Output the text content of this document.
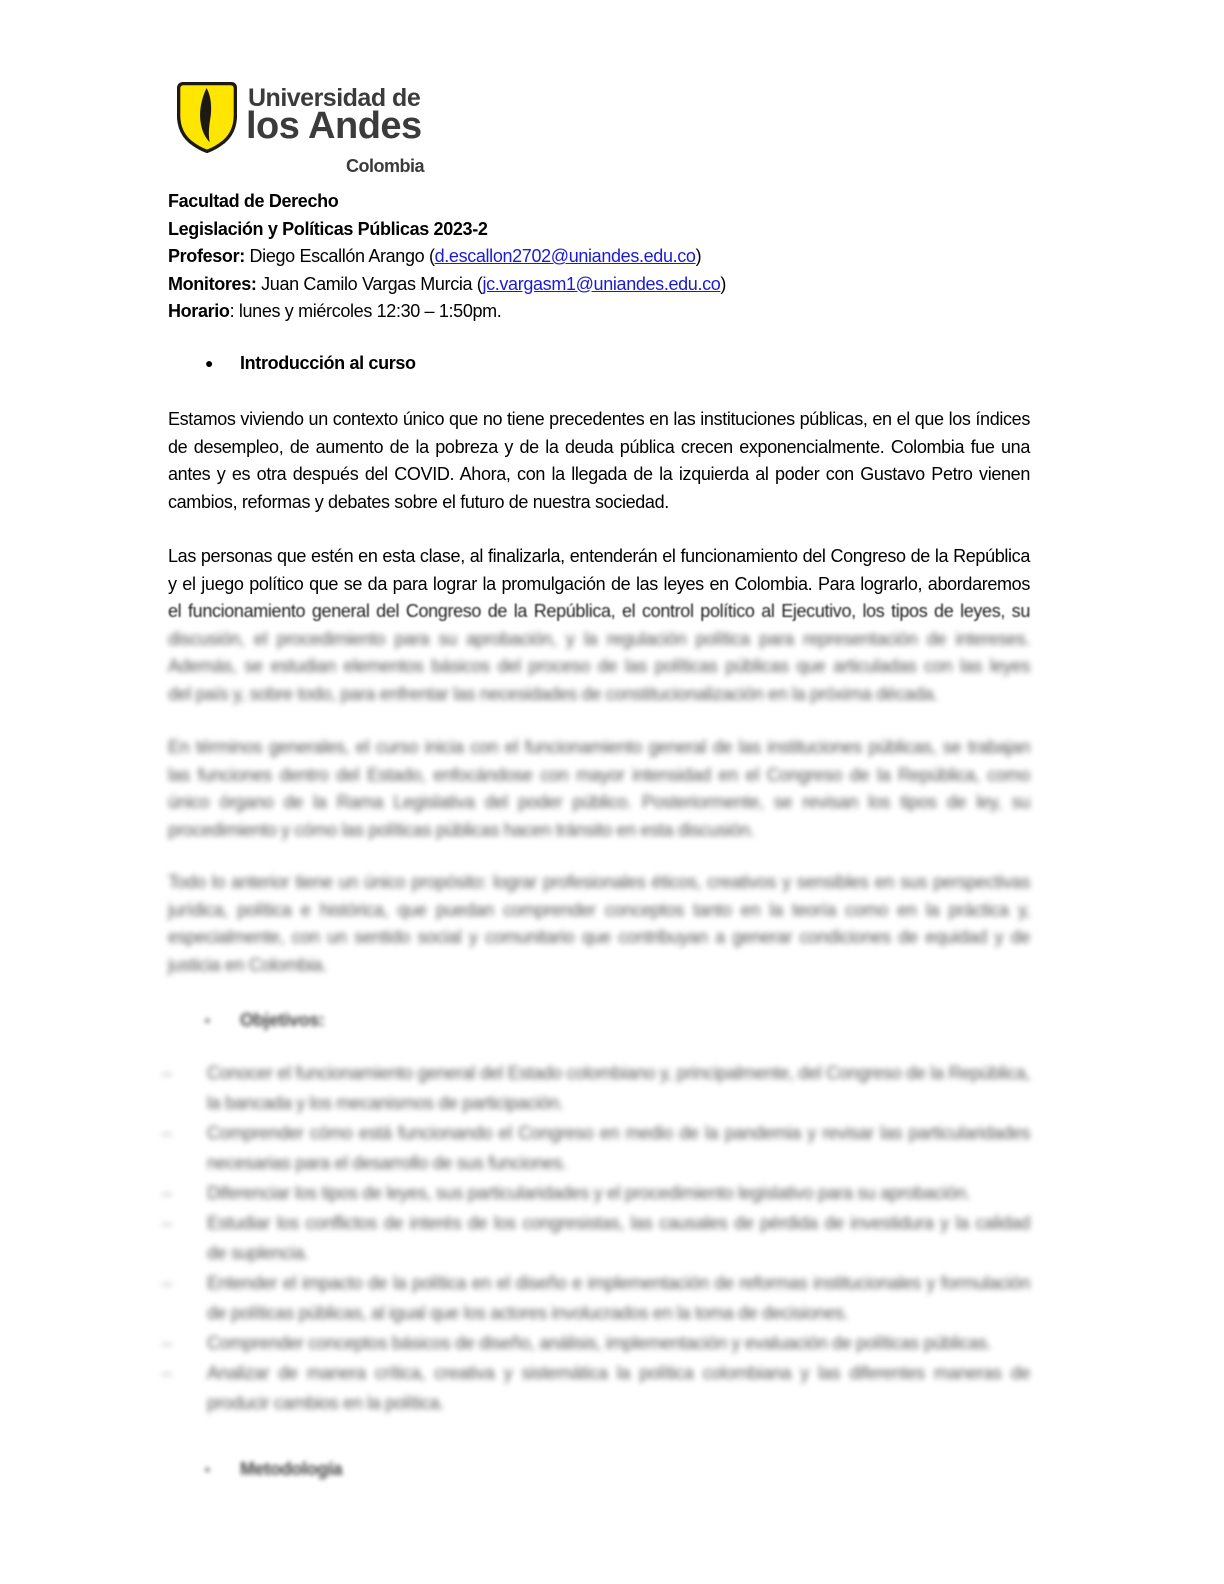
Universidad de
los Andes
Colombia
Facultad de Derecho
Legislación y Políticas Públicas 2023-2
Profesor: Diego Escallón Arango (d.escallon2702@uniandes.edu.co)
Monitores: Juan Camilo Vargas Murcia (jc.vargasm1@uniandes.edu.co)
Horario: lunes y miércoles 12:30 – 1:50pm.
● Introducción al curso
Estamos viviendo un contexto único que no tiene precedentes en las instituciones públicas, en el que los índices
de desempleo, de aumento de la pobreza y de la deuda pública crecen exponencialmente. Colombia fue una
antes y es otra después del COVID. Ahora, con la llegada de la izquierda al poder con Gustavo Petro vienen
cambios, reformas y debates sobre el futuro de nuestra sociedad.
Las personas que estén en esta clase, al finalizarla, entenderán el funcionamiento del Congreso de la República
y el juego político que se da para lograr la promulgación de las leyes en Colombia. Para lograrlo, abordaremos
el funcionamiento general del Congreso de la República, el control político al Ejecutivo, los tipos de leyes, su
discusión, el procedimiento para su aprobación, y la regulación política para representación de intereses.
Además, se estudian elementos básicos del proceso de las políticas públicas que articuladas con las leyes
del país y, sobre todo, para enfrentar las necesidades de constitucionalización en la próxima década.
En términos generales, el curso inicia con el funcionamiento general de las instituciones públicas, se trabajan
las funciones dentro del Estado, enfocándose con mayor intensidad en el Congreso de la República, como
único órgano de la Rama Legislativa del poder público. Posteriormente, se revisan los tipos de ley, su
procedimiento y cómo las políticas públicas hacen tránsito en esta discusión.
Todo lo anterior tiene un único propósito: lograr profesionales éticos, creativos y sensibles en sus perspectivas
jurídica, política e histórica, que puedan comprender conceptos tanto en la teoría como en la práctica y,
especialmente, con un sentido social y comunitario que contribuyan a generar condiciones de equidad y de
justicia en Colombia.
▪ Objetivos:
– Conocer el funcionamiento general del Estado colombiano y, principalmente, del Congreso de la República,
la bancada y los mecanismos de participación.
– Comprender cómo está funcionando el Congreso en medio de la pandemia y revisar las particularidades
necesarias para el desarrollo de sus funciones.
– Diferenciar los tipos de leyes, sus particularidades y el procedimiento legislativo para su aprobación.
– Estudiar los conflictos de interés de los congresistas, las causales de pérdida de investidura y la calidad
de suplencia.
– Entender el impacto de la política en el diseño e implementación de reformas institucionales y formulación
de políticas públicas, al igual que los actores involucrados en la toma de decisiones.
– Comprender conceptos básicos de diseño, análisis, implementación y evaluación de políticas públicas.
– Analizar de manera crítica, creativa y sistemática la política colombiana y las diferentes maneras de
producir cambios en la política.
▪ Metodología
